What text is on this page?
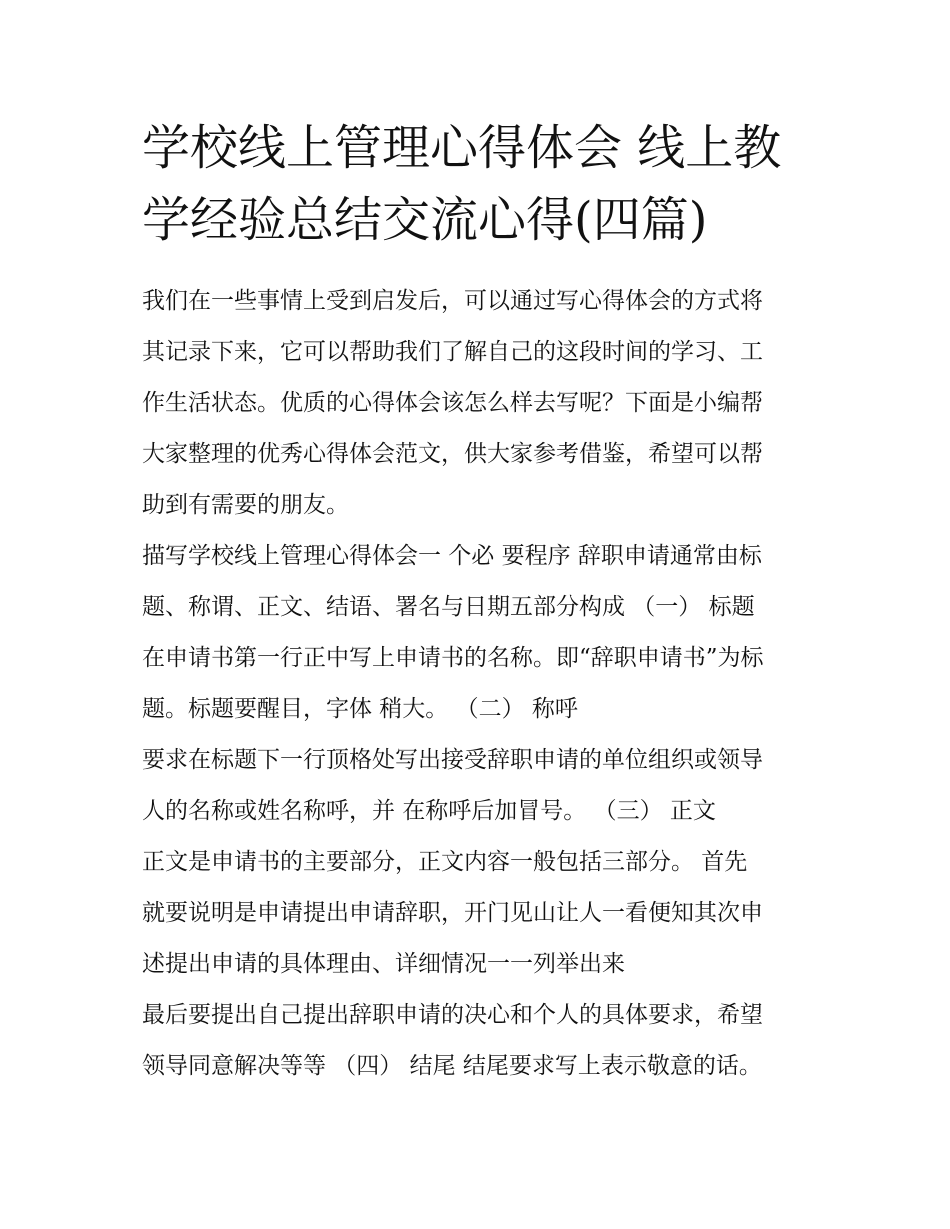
学校线上管理心得体会 线上教
学经验总结交流心得(四篇)
我们在一些事情上受到启发后，可以通过写心得体会的方式将
其记录下来，它可以帮助我们了解自己的这段时间的学习、工
作生活状态。优质的心得体会该怎么样去写呢？下面是小编帮
大家整理的优秀心得体会范文，供大家参考借鉴，希望可以帮
助到有需要的朋友。
描写学校线上管理心得体会一 个必 要程序 辞职申请通常由标
题、称谓、正文、结语、署名与日期五部分构成 （一） 标题
在申请书第一行正中写上申请书的名称。即“辞职申请书”为标
题。标题要醒目，字体 稍大。 （二） 称呼
要求在标题下一行顶格处写出接受辞职申请的单位组织或领导
人的名称或姓名称呼，并 在称呼后加冒号。 （三） 正文
正文是申请书的主要部分，正文内容一般包括三部分。 首先
就要说明是申请提出申请辞职，开门见山让人一看便知其次申
述提出申请的具体理由、详细情况一一列举出来
最后要提出自己提出辞职申请的决心和个人的具体要求，希望
领导同意解决等等 （四） 结尾 结尾要求写上表示敬意的话。
